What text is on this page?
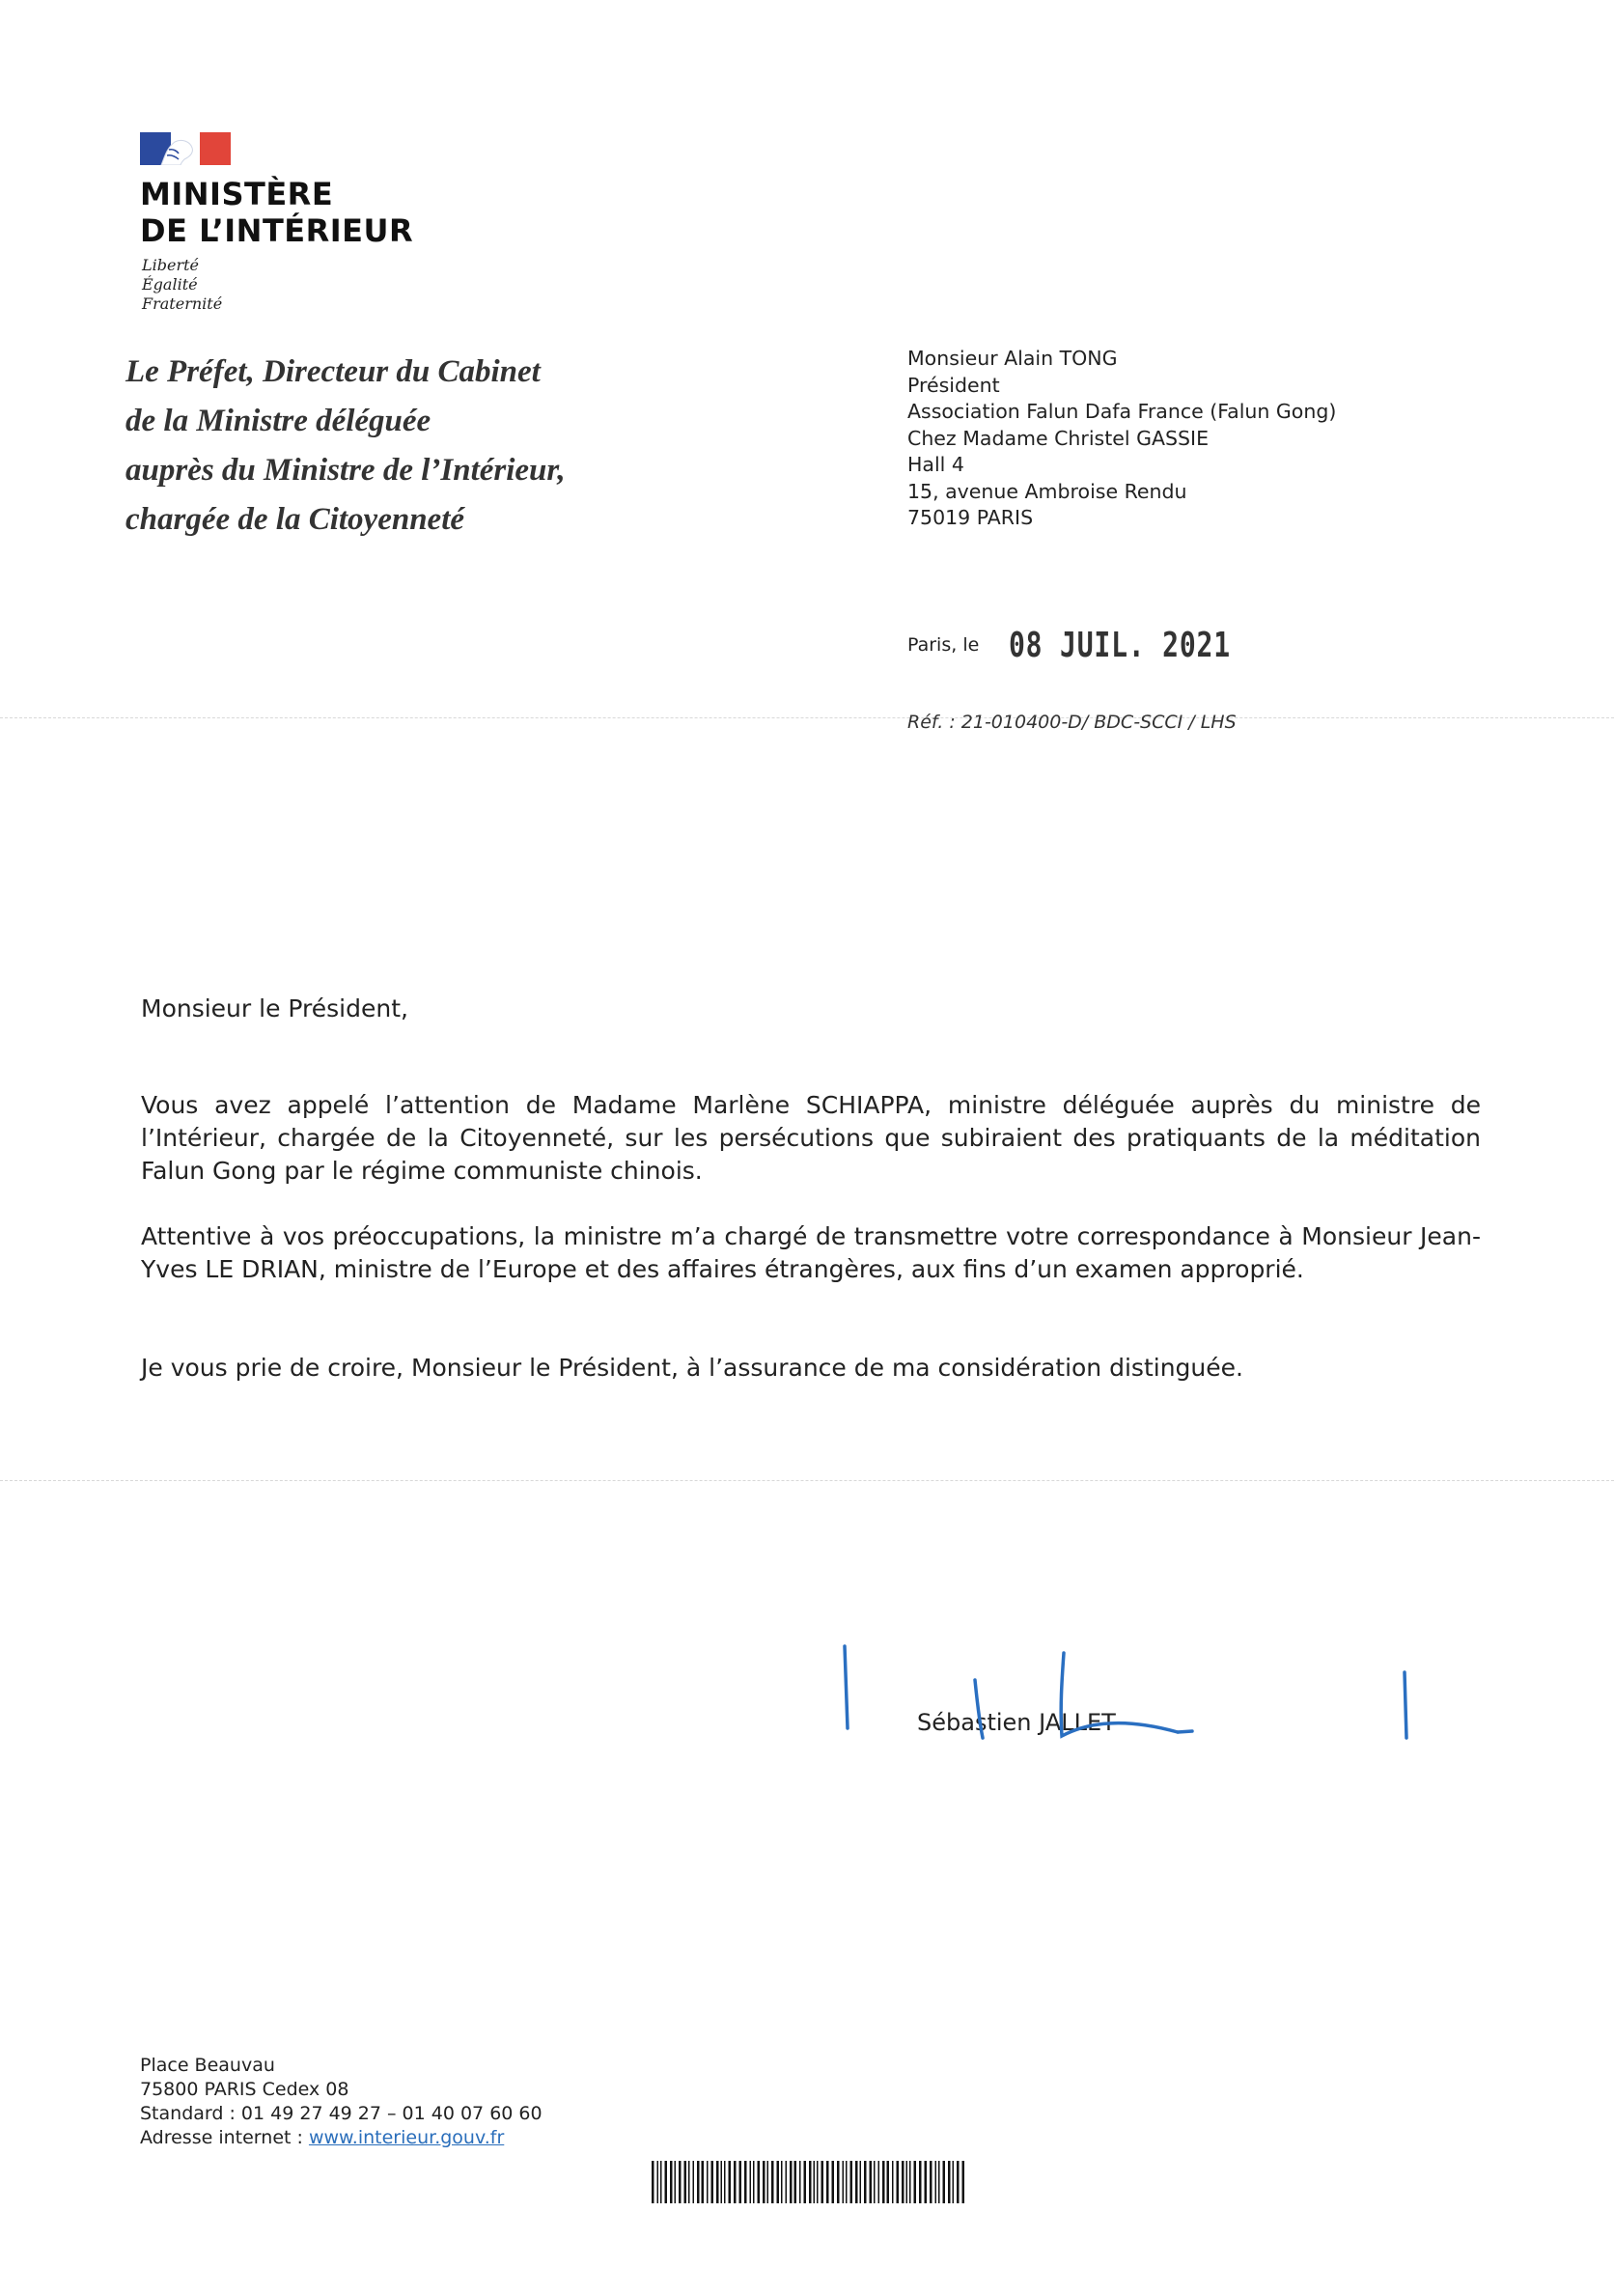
MINISTÈRE
DE L’INTÉRIEUR
Liberté
Égalité
Fraternité
Le Préfet, Directeur du Cabinet
de la Ministre déléguée
auprès du Ministre de l’Intérieur,
chargée de la Citoyenneté
Monsieur Alain TONG
Président
Association Falun Dafa France (Falun Gong)
Chez Madame Christel GASSIE
Hall 4
15, avenue Ambroise Rendu
75019 PARIS
Paris, le 08 JUIL. 2021
Réf. : 21-010400-D/ BDC-SCCI / LHS
Monsieur le Président,
Vous avez appelé l’attention de Madame Marlène SCHIAPPA, ministre déléguée auprès du ministre de l’Intérieur, chargée de la Citoyenneté, sur les persécutions que subiraient des pratiquants de la méditation Falun Gong par le régime communiste chinois.
Attentive à vos préoccupations, la ministre m’a chargé de transmettre votre correspondance à Monsieur Jean-Yves LE DRIAN, ministre de l’Europe et des affaires étrangères, aux fins d’un examen approprié.
Je vous prie de croire, Monsieur le Président, à l’assurance de ma considération distinguée.
Sébastien JALLET
Place Beauvau
75800 PARIS Cedex 08
Standard : 01 49 27 49 27 – 01 40 07 60 60
Adresse internet : www.interieur.gouv.fr
